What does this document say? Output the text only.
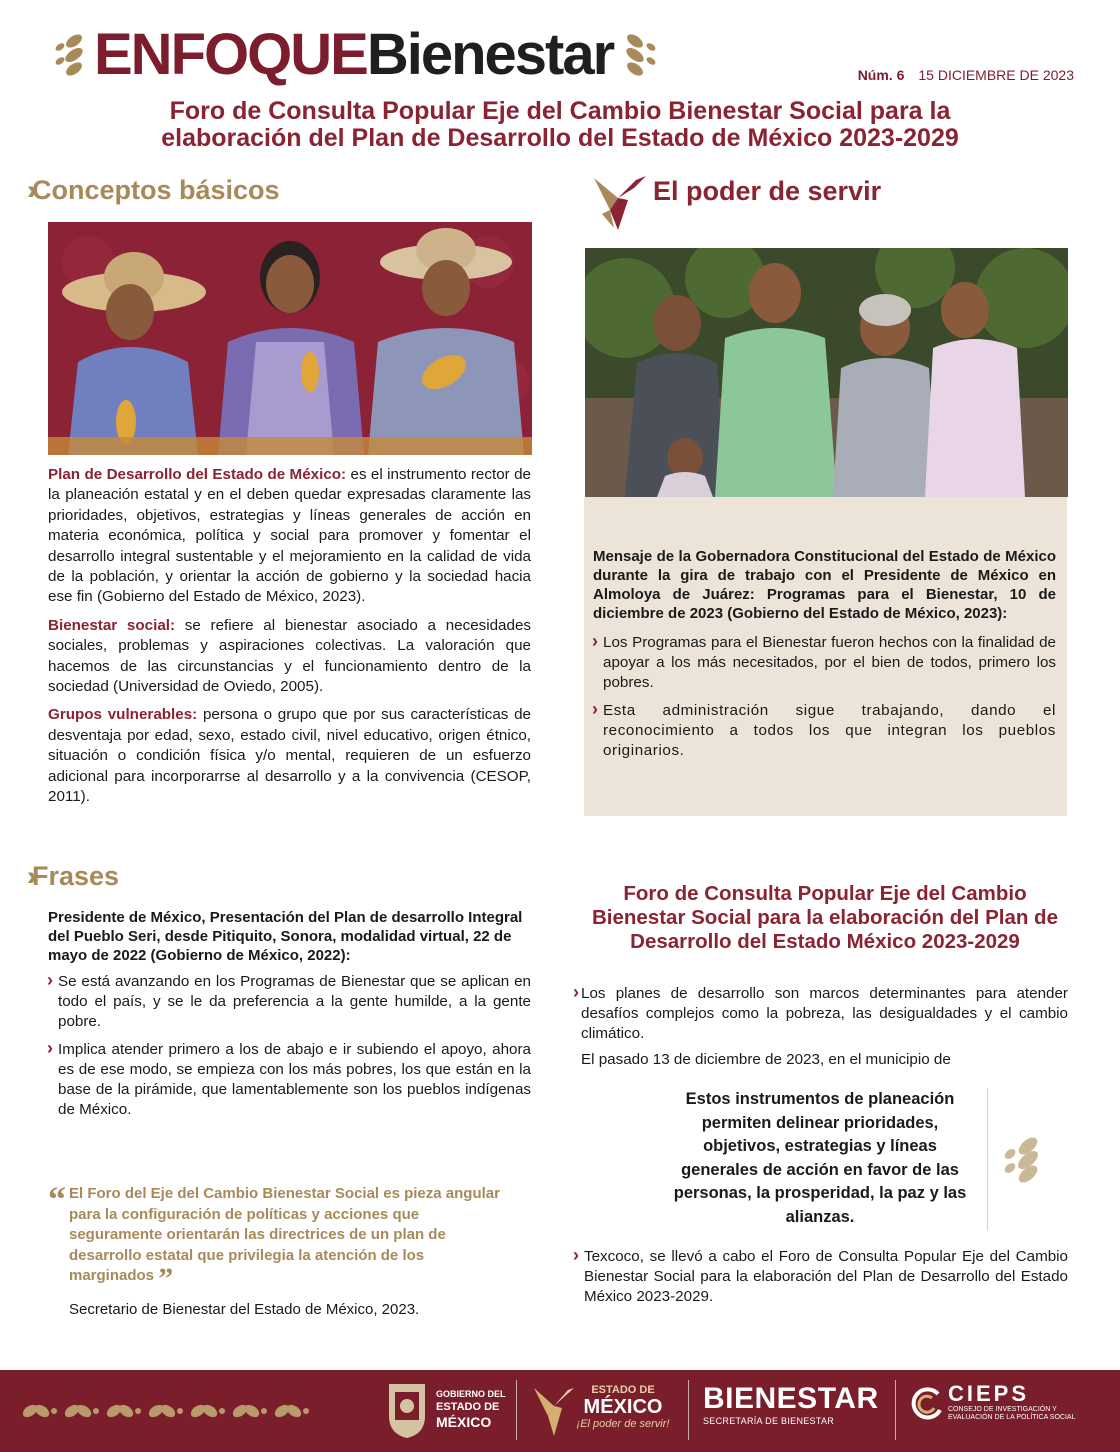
ENFOQUE Bienestar	Núm. 6 15 DICIEMBRE DE 2023
Foro de Consulta Popular Eje del Cambio Bienestar Social para la
elaboración del Plan de Desarrollo del Estado de México 2023-2029
Conceptos básicos

Plan de Desarrollo del Estado de México: es el instrumento rector de la planeación estatal y en el deben quedar expresadas claramente las prioridades, objetivos, estrategias y líneas generales de acción en materia económica, política y social para promover y fomentar el desarrollo integral sustentable y el mejoramiento en la calidad de vida de la población, y orientar la acción de gobierno y la sociedad hacia ese fin (Gobierno del Estado de México, 2023).

Bienestar social: se refiere al bienestar asociado a necesidades sociales, problemas y aspiraciones colectivas. La valoración que hacemos de las circunstancias y el funcionamiento dentro de la sociedad (Universidad de Oviedo, 2005).

Grupos vulnerables: persona o grupo que por sus características de desventaja por edad, sexo, estado civil, nivel educativo, origen étnico, situación o condición física y/o mental, requieren de un esfuerzo adicional para incorporarrse al desarrollo y a la convivencia (CESOP, 2011).

El poder de servir
Mensaje de la Gobernadora Constitucional del Estado de México durante la gira de trabajo con el Presidente de México en Almoloya de Juárez: Programas para el Bienestar, 10 de diciembre de 2023 (Gobierno del Estado de México, 2023):

› Los Programas para el Bienestar fueron hechos con la finalidad de apoyar a los más necesitados, por el bien de todos, primero los pobres.

› Esta administración sigue trabajando, dando el reconocimiento a todos los que integran los pueblos originarios.

Frases
Presidente de México, Presentación del Plan de desarrollo Integral del Pueblo Seri, desde Pitiquito, Sonora, modalidad virtual, 22 de mayo de 2022 (Gobierno de México, 2022):

› Se está avanzando en los Programas de Bienestar que se aplican en todo el país, y se le da preferencia a la gente humilde, a la gente pobre.

› Implica atender primero a los de abajo e ir subiendo el apoyo, ahora es de ese modo, se empieza con los más pobres, los que están en la base de la pirámide, que lamentablemente son los pueblos indígenas de México.

“ El Foro del Eje del Cambio Bienestar Social es pieza angular para la configuración de políticas y acciones que seguramente orientarán las directrices de un plan de desarrollo estatal que privilegia la atención de los marginados ”
Secretario de Bienestar del Estado de México, 2023.
Foro de Consulta Popular Eje del Cambio Bienestar Social para la elaboración del Plan de Desarrollo del Estado México 2023-2029

› Los planes de desarrollo son marcos determinantes para atender desafíos complejos como la pobreza, las desigualdades y el cambio climático.

El pasado 13 de diciembre de 2023, en el municipio de

Estos instrumentos de planeación permiten delinear prioridades, objetivos, estrategias y líneas generales de acción en favor de las personas, la prosperidad, la paz y las alianzas.

› Texcoco, se llevó a cabo el Foro de Consulta Popular Eje del Cambio Bienestar Social para la elaboración del Plan de Desarrollo del Estado México 2023-2029.

GOBIERNO DEL
ESTADO DE
MÉXICO
ESTADO DE
MÉXICO
¡El poder de servir!
BIENESTAR
SECRETARÍA DE BIENESTAR
CIEPS
CONSEJO DE INVESTIGACIÓN Y
EVALUACIÓN DE LA POLÍTICA SOCIAL
